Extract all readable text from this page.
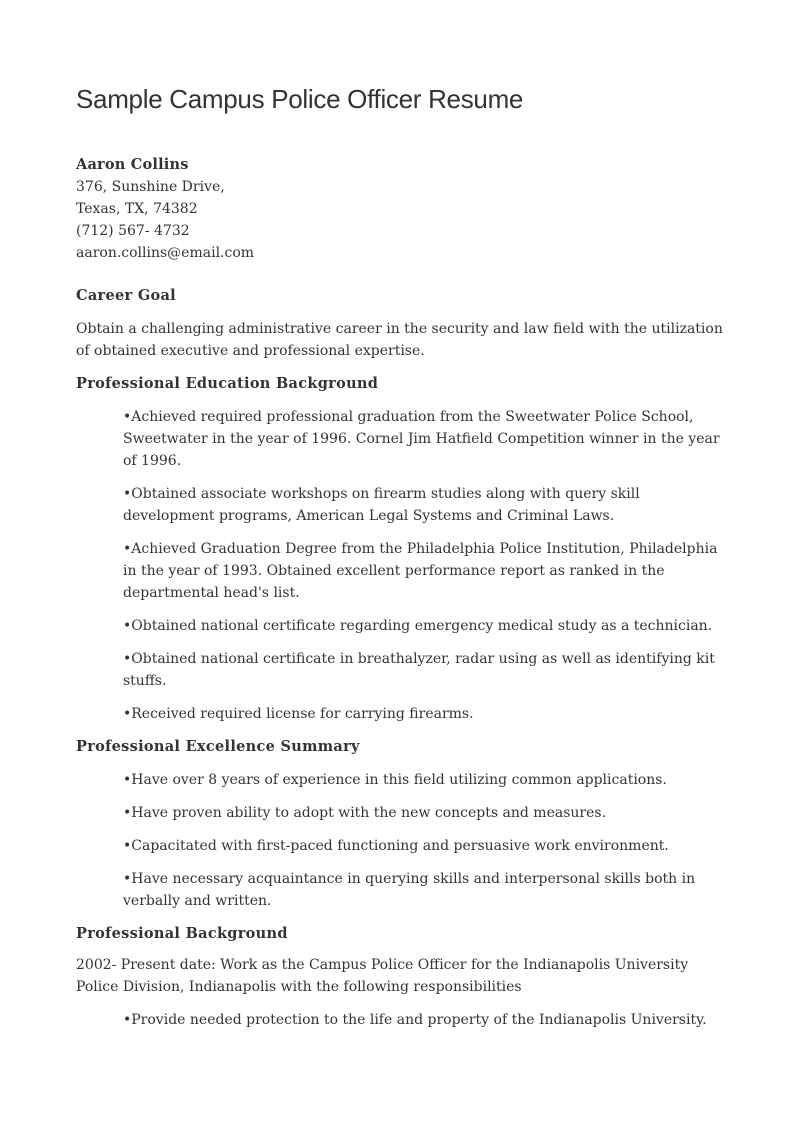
Sample Campus Police Officer Resume
Aaron Collins
376, Sunshine Drive,
Texas, TX, 74382
(712) 567- 4732
aaron.collins@email.com
Career Goal

Obtain a challenging administrative career in the security and law field with the utilization of obtained executive and professional expertise.

Professional Education Background
•Achieved required professional graduation from the Sweetwater Police School, Sweetwater in the year of 1996. Cornel Jim Hatfield Competition winner in the year of 1996.
•Obtained associate workshops on firearm studies along with query skill development programs, American Legal Systems and Criminal Laws.
•Achieved Graduation Degree from the Philadelphia Police Institution, Philadelphia in the year of 1993. Obtained excellent performance report as ranked in the departmental head's list.
•Obtained national certificate regarding emergency medical study as a technician.
•Obtained national certificate in breathalyzer, radar using as well as identifying kit stuffs.
•Received required license for carrying firearms.
Professional Excellence Summary
•Have over 8 years of experience in this field utilizing common applications.
•Have proven ability to adopt with the new concepts and measures.
•Capacitated with first-paced functioning and persuasive work environment.
•Have necessary acquaintance in querying skills and interpersonal skills both in verbally and written.
Professional Background

2002- Present date: Work as the Campus Police Officer for the Indianapolis University Police Division, Indianapolis with the following responsibilities

•Provide needed protection to the life and property of the Indianapolis University.
